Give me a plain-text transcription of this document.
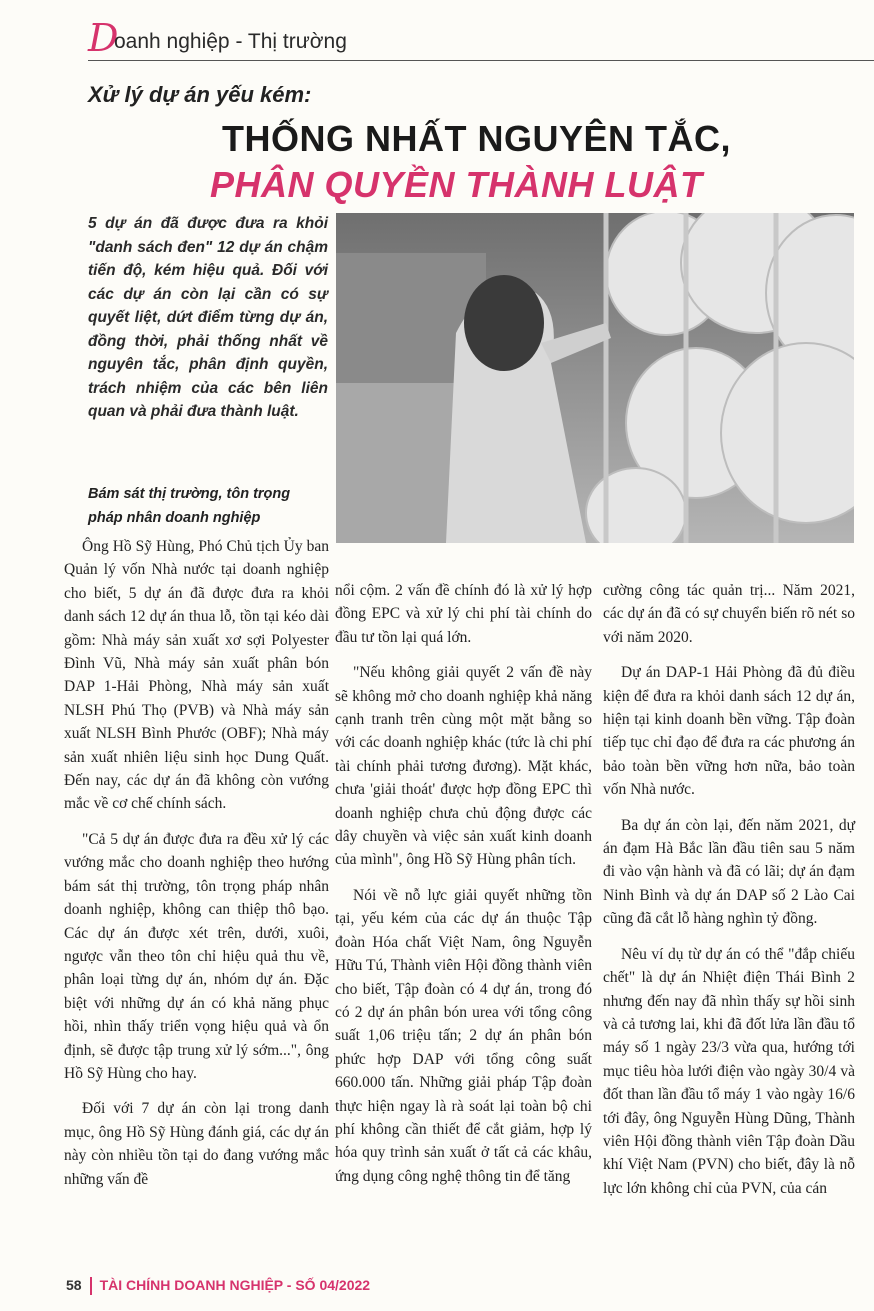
D
oanh nghiệp - Thị trường
Xử lý dự án yếu kém:
THỐNG NHẤT NGUYÊN TẮC,
PHÂN QUYỀN THÀNH LUẬT
5 dự án đã được đưa ra khỏi "danh sách đen" 12 dự án chậm tiến độ, kém hiệu quả. Đối với các dự án còn lại cần có sự quyết liệt, dứt điểm từng dự án, đồng thời, phải thống nhất về nguyên tắc, phân định quyền, trách nhiệm của các bên liên quan và phải đưa thành luật.
Bám sát thị trường, tôn trọng pháp nhân doanh nghiệp

Ông Hồ Sỹ Hùng, Phó Chủ tịch Ủy ban Quản lý vốn Nhà nước tại doanh nghiệp cho biết, 5 dự án đã được đưa ra khỏi danh sách 12 dự án thua lỗ, tồn tại kéo dài gồm: Nhà máy sản xuất xơ sợi Polyester Đình Vũ, Nhà máy sản xuất phân bón DAP 1-Hải Phòng, Nhà máy sản xuất NLSH Phú Thọ (PVB) và Nhà máy sản xuất NLSH Bình Phước (OBF); Nhà máy sản xuất nhiên liệu sinh học Dung Quất. Đến nay, các dự án đã không còn vướng mắc về cơ chế chính sách.

"Cả 5 dự án được đưa ra đều xử lý các vướng mắc cho doanh nghiệp theo hướng bám sát thị trường, tôn trọng pháp nhân doanh nghiệp, không can thiệp thô bạo. Các dự án được xét trên, dưới, xuôi, ngược vẫn theo tôn chỉ hiệu quả thu về, phân loại từng dự án, nhóm dự án. Đặc biệt với những dự án có khả năng phục hồi, nhìn thấy triển vọng hiệu quả và ổn định, sẽ được tập trung xử lý sớm...", ông Hồ Sỹ Hùng cho hay.

Đối với 7 dự án còn lại trong danh mục, ông Hồ Sỹ Hùng đánh giá, các dự án này còn nhiều tồn tại do đang vướng mắc những vấn đề

nổi cộm. 2 vấn đề chính đó là xử lý hợp đồng EPC và xử lý chi phí tài chính do đầu tư tồn lại quá lớn.

"Nếu không giải quyết 2 vấn đề này sẽ không mở cho doanh nghiệp khả năng cạnh tranh trên cùng một mặt bằng so với các doanh nghiệp khác (tức là chi phí tài chính phải tương đương). Mặt khác, chưa 'giải thoát' được hợp đồng EPC thì doanh nghiệp chưa chủ động được các dây chuyền và việc sản xuất kinh doanh của mình", ông Hồ Sỹ Hùng phân tích.

Nói về nỗ lực giải quyết những tồn tại, yếu kém của các dự án thuộc Tập đoàn Hóa chất Việt Nam, ông Nguyễn Hữu Tú, Thành viên Hội đồng thành viên cho biết, Tập đoàn có 4 dự án, trong đó có 2 dự án phân bón urea với tổng công suất 1,06 triệu tấn; 2 dự án phân bón phức hợp DAP với tổng công suất 660.000 tấn. Những giải pháp Tập đoàn thực hiện ngay là rà soát lại toàn bộ chi phí không cần thiết để cắt giảm, hợp lý hóa quy trình sản xuất ở tất cả các khâu, ứng dụng công nghệ thông tin để tăng

cường công tác quản trị... Năm 2021, các dự án đã có sự chuyển biến rõ nét so với năm 2020.

Dự án DAP-1 Hải Phòng đã đủ điều kiện để đưa ra khỏi danh sách 12 dự án, hiện tại kinh doanh bền vững. Tập đoàn tiếp tục chỉ đạo để đưa ra các phương án bảo toàn bền vững hơn nữa, bảo toàn vốn Nhà nước.

Ba dự án còn lại, đến năm 2021, dự án đạm Hà Bắc lần đầu tiên sau 5 năm đi vào vận hành và đã có lãi; dự án đạm Ninh Bình và dự án DAP số 2 Lào Cai cũng đã cắt lỗ hàng nghìn tỷ đồng.

Nêu ví dụ từ dự án có thể "đắp chiếu chết" là dự án Nhiệt điện Thái Bình 2 nhưng đến nay đã nhìn thấy sự hồi sinh và cả tương lai, khi đã đốt lửa lần đầu tổ máy số 1 ngày 23/3 vừa qua, hướng tới mục tiêu hòa lưới điện vào ngày 30/4 và đốt than lần đầu tổ máy 1 vào ngày 16/6 tới đây, ông Nguyễn Hùng Dũng, Thành viên Hội đồng thành viên Tập đoàn Dầu khí Việt Nam (PVN) cho biết, đây là nỗ lực lớn không chỉ của PVN, của cán

58 TÀI CHÍNH DOANH NGHIỆP - SỐ 04/2022
